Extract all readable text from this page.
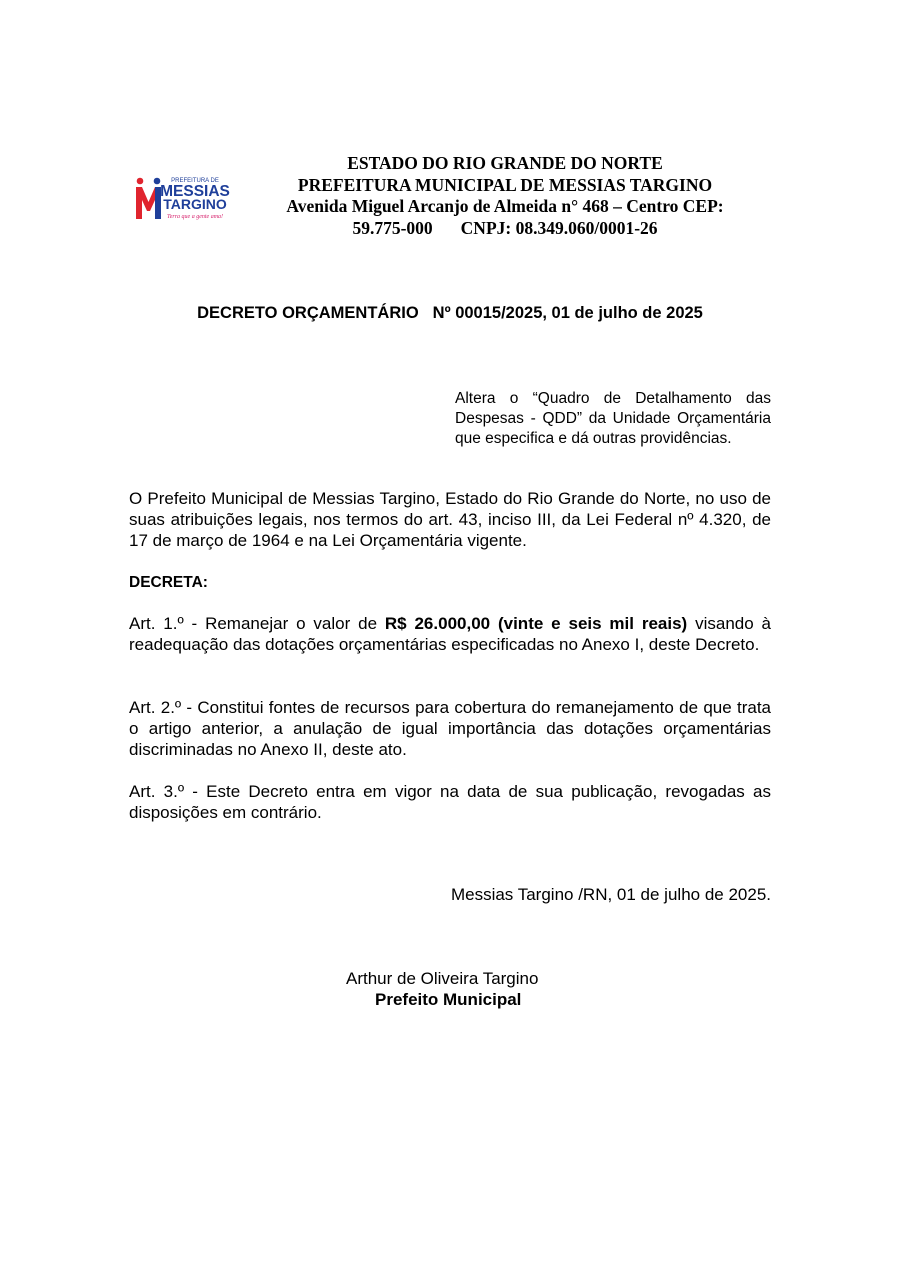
PREFEITURA DE
MESSIAS
TARGINO
Terra que a gente ama!
ESTADO DO RIO GRANDE DO NORTE
PREFEITURA MUNICIPAL DE MESSIAS TARGINO
Avenida Miguel Arcanjo de Almeida n° 468 – Centro CEP:
59.775-000 CNPJ: 08.349.060/0001-26
DECRETO ORÇAMENTÁRIO Nº 00015/2025, 01 de julho de 2025
Altera o “Quadro de Detalhamento das Despesas - QDD” da Unidade Orçamentária que especifica e dá outras providências.

O Prefeito Municipal de Messias Targino, Estado do Rio Grande do Norte, no uso de suas atribuições legais, nos termos do art. 43, inciso III, da Lei Federal nº 4.320, de 17 de março de 1964 e na Lei Orçamentária vigente.

DECRETA:

Art. 1.º - Remanejar o valor de R$ 26.000,00 (vinte e seis mil reais) visando à readequação das dotações orçamentárias especificadas no Anexo I, deste Decreto.

Art. 2.º - Constitui fontes de recursos para cobertura do remanejamento de que trata o artigo anterior, a anulação de igual importância das dotações orçamentárias discriminadas no Anexo II, deste ato.

Art. 3.º - Este Decreto entra em vigor na data de sua publicação, revogadas as disposições em contrário.

Messias Targino /RN, 01 de julho de 2025.
Arthur de Oliveira Targino
Prefeito Municipal
